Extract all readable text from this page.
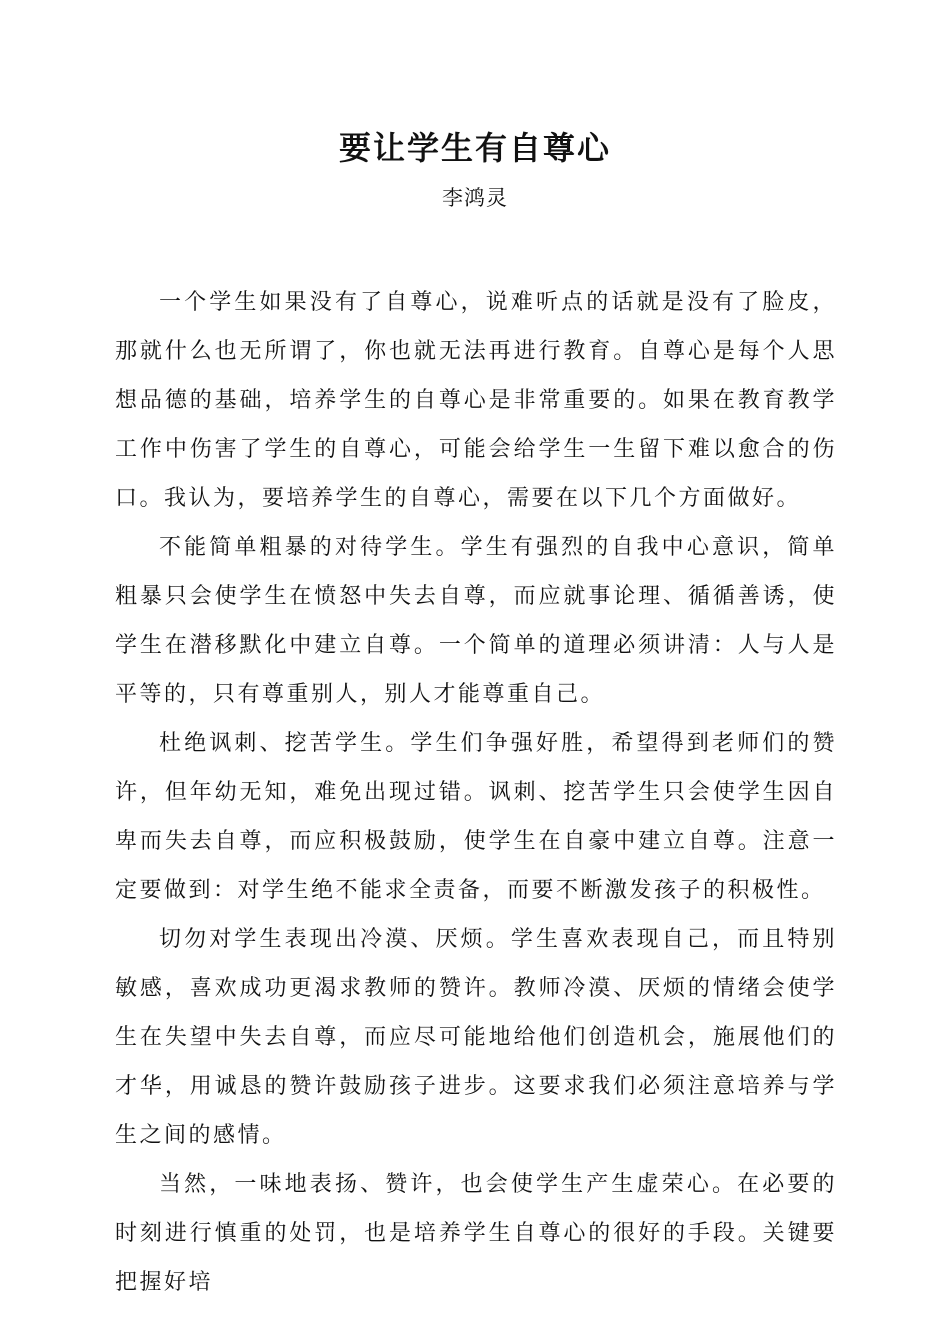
要让学生有自尊心
李鸿灵

一个学生如果没有了自尊心，说难听点的话就是没有了脸皮，那就什么也无所谓了，你也就无法再进行教育。自尊心是每个人思想品德的基础，培养学生的自尊心是非常重要的。如果在教育教学工作中伤害了学生的自尊心，可能会给学生一生留下难以愈合的伤口。我认为，要培养学生的自尊心，需要在以下几个方面做好。

不能简单粗暴的对待学生。学生有强烈的自我中心意识，简单粗暴只会使学生在愤怒中失去自尊，而应就事论理、循循善诱，使学生在潜移默化中建立自尊。一个简单的道理必须讲清：人与人是平等的，只有尊重别人，别人才能尊重自己。

杜绝讽刺、挖苦学生。学生们争强好胜，希望得到老师们的赞许，但年幼无知，难免出现过错。讽刺、挖苦学生只会使学生因自卑而失去自尊，而应积极鼓励，使学生在自豪中建立自尊。注意一定要做到：对学生绝不能求全责备，而要不断激发孩子的积极性。

切勿对学生表现出冷漠、厌烦。学生喜欢表现自己，而且特别敏感，喜欢成功更渴求教师的赞许。教师冷漠、厌烦的情绪会使学生在失望中失去自尊，而应尽可能地给他们创造机会，施展他们的才华，用诚恳的赞许鼓励孩子进步。这要求我们必须注意培养与学生之间的感情。

当然，一味地表扬、赞许，也会使学生产生虚荣心。在必要的时刻进行慎重的处罚，也是培养学生自尊心的很好的手段。关键要把握好培
